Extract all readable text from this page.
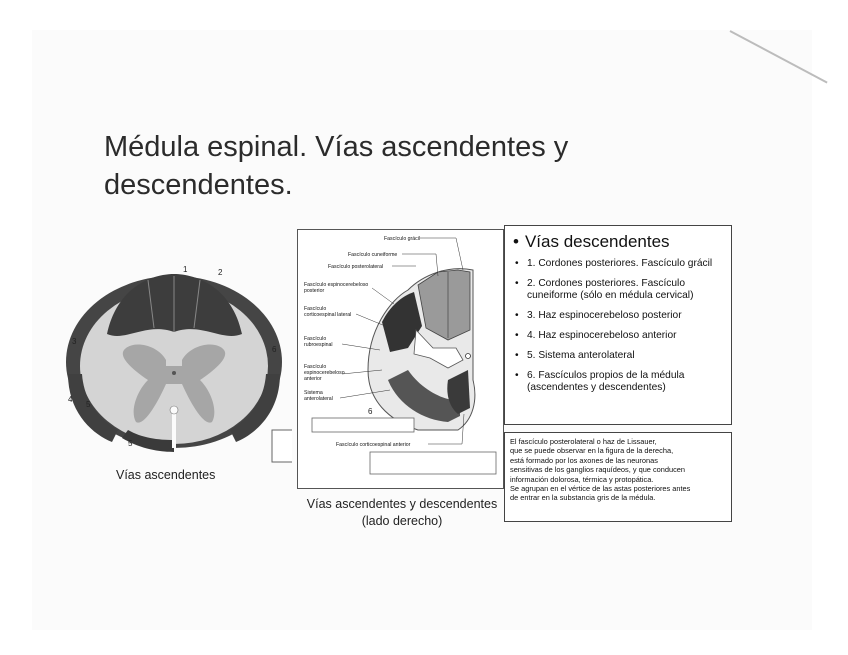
Médula espinal. Vías ascendentes y descendentes.
1	2
3
4
5
5
6
Vías ascendentes
Fascículo grácil
Fascículo cuneiforme
Fascículo posterolateral
Fascículo espinocerebeloso
posterior
Fascículo
corticoespinal lateral
Fascículo
rubroespinal
Fascículo
espinocerebeloso
anterior
Sistema
anterolateral
6
Fascículo corticoespinal anterior
Vías ascendentes y descendentes
(lado derecho)
• Vías descendentes
• 1. Cordones posteriores. Fascículo grácil
• 2. Cordones posteriores. Fascículo cuneiforme (sólo en médula cervical)
• 3. Haz espinocerebeloso posterior
• 4. Haz espinocerebeloso anterior
• 5. Sistema anterolateral
• 6. Fascículos propios de la médula (ascendentes y descendentes)
El fascículo posterolateral o haz de Lissauer,
que se puede observar en la figura de la derecha,
está formado por los axones de las neuronas
sensitivas de los ganglios raquídeos, y que conducen
información dolorosa, térmica y protopática.
Se agrupan en el vértice de las astas posteriores antes
de entrar en la substancia gris de la médula.
